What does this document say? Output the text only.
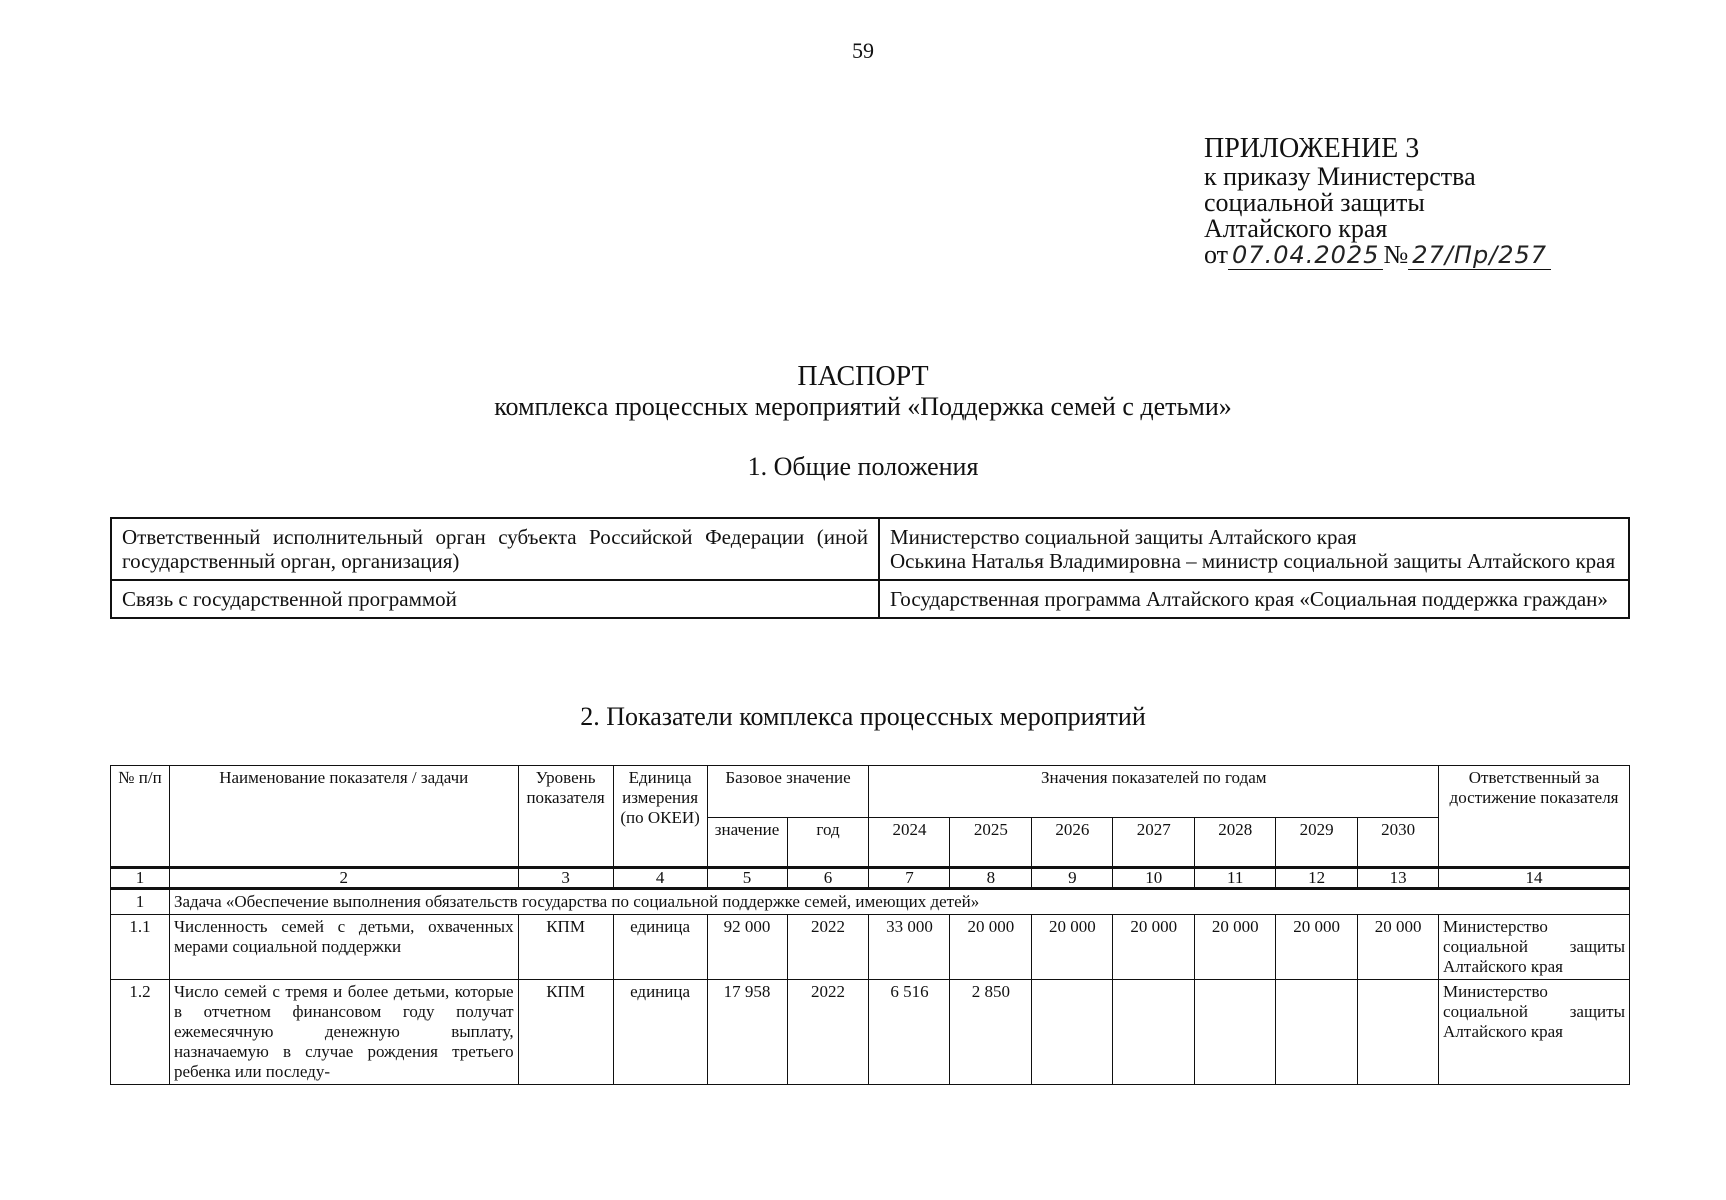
59
ПРИЛОЖЕНИЕ 3
к приказу Министерства
социальной защиты
Алтайского края
от 07.04.2025 № 27/Пр/257
ПАСПОРТ
комплекса процессных мероприятий «Поддержка семей с детьми»
1. Общие положения
Ответственный исполнительный орган субъекта Российской Федерации (иной государственный орган, организация)	Министерство социальной защиты Алтайского края
Оськина Наталья Владимировна – министр социальной защиты Алтайского края

Связь с государственной программой	Государственная программа Алтайского края «Социальная поддержка граждан»
2. Показатели комплекса процессных мероприятий
№ п/п	Наименование показателя / задачи	Уровень показателя	Единица измерения (по ОКЕИ)	Базовое значение		Значения показателей по годам							Ответственный за достижение показателя
				значение	год	2024	2025	2026	2027	2028	2029	2030	
1	2	3	4	5	6	7	8	9	10	11	12	13	14
1	Задача «Обеспечение выполнения обязательств государства по социальной поддержке семей, имеющих детей»												
1.1	Численность семей с детьми, охваченных мерами социальной поддержки	КПМ	единица	92 000	2022	33 000	20 000	20 000	20 000	20 000	20 000	20 000	Министерство социальной защиты Алтайского края
1.2	Число семей с тремя и более детьми, которые в отчетном финансовом году получат ежемесячную денежную выплату, назначаемую в случае рождения третьего ребенка или последу-	КПМ	единица	17 958	2022	6 516	2 850						Министерство социальной защиты Алтайского края
